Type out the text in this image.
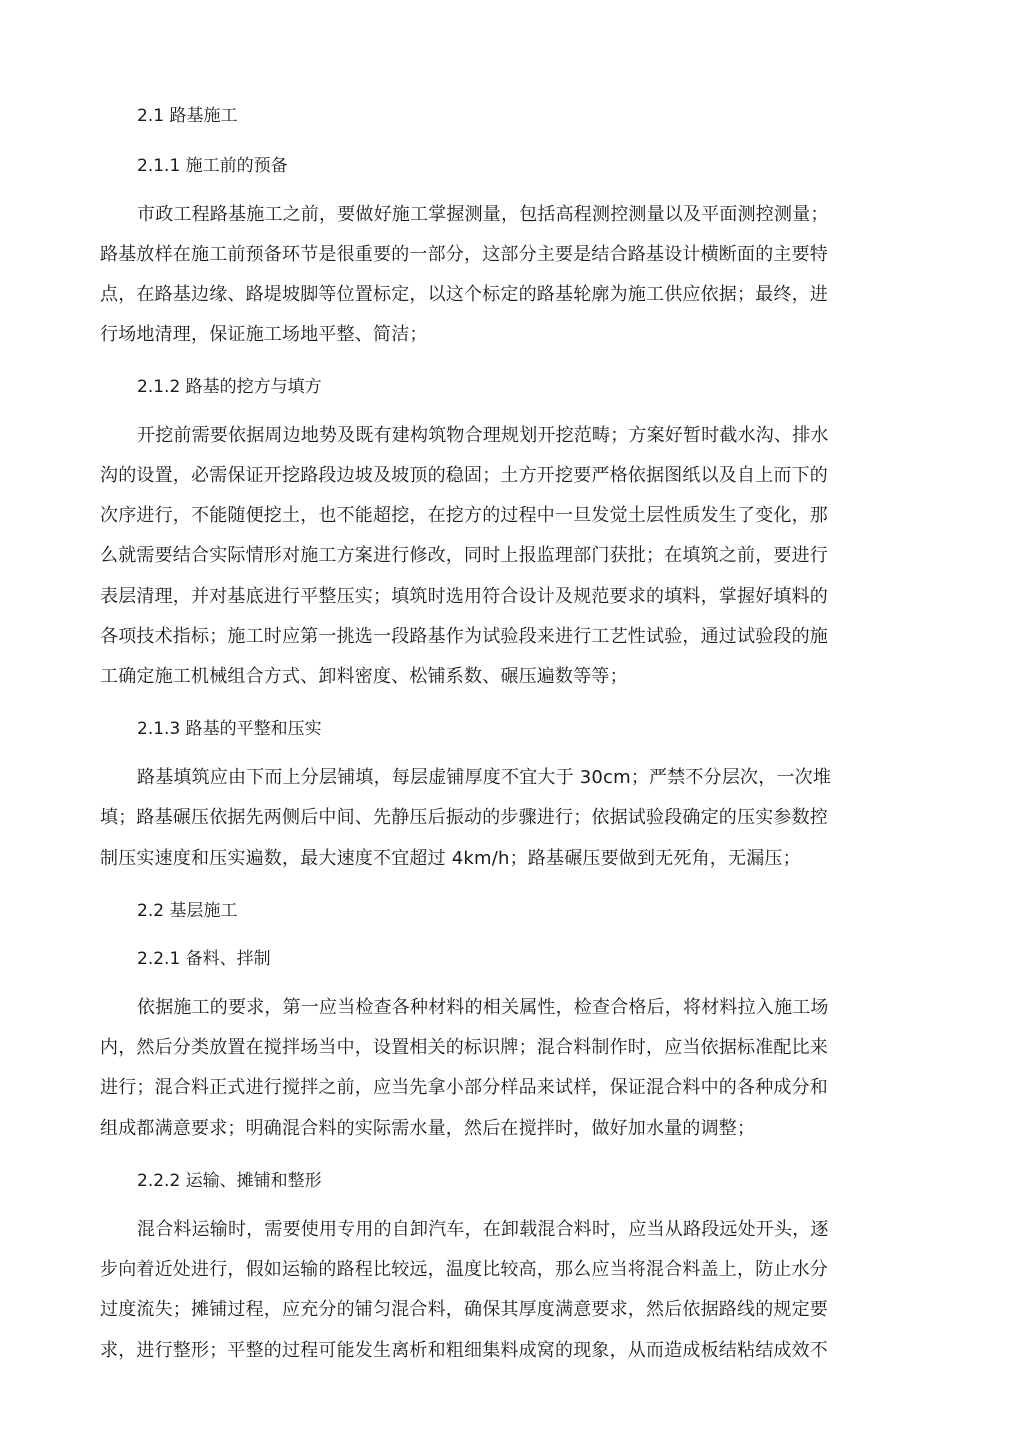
2.1 路基施工
2.1.1 施工前的预备
市政工程路基施工之前，要做好施工掌握测量，包括高程测控测量以及平面测控测量；
路基放样在施工前预备环节是很重要的一部分，这部分主要是结合路基设计横断面的主要特
点，在路基边缘、路堤坡脚等位置标定，以这个标定的路基轮廓为施工供应依据；最终，进
行场地清理，保证施工场地平整、简洁；
2.1.2 路基的挖方与填方
开挖前需要依据周边地势及既有建构筑物合理规划开挖范畴；方案好暂时截水沟、排水
沟的设置，必需保证开挖路段边坡及坡顶的稳固；土方开挖要严格依据图纸以及自上而下的
次序进行，不能随便挖土，也不能超挖，在挖方的过程中一旦发觉土层性质发生了变化，那
么就需要结合实际情形对施工方案进行修改，同时上报监理部门获批；在填筑之前，要进行
表层清理，并对基底进行平整压实；填筑时选用符合设计及规范要求的填料，掌握好填料的
各项技术指标；施工时应第一挑选一段路基作为试验段来进行工艺性试验，通过试验段的施
工确定施工机械组合方式、卸料密度、松铺系数、碾压遍数等等；
2.1.3 路基的平整和压实
路基填筑应由下而上分层铺填，每层虚铺厚度不宜大于 30cm；严禁不分层次，一次堆
填；路基碾压依据先两侧后中间、先静压后振动的步骤进行；依据试验段确定的压实参数控
制压实速度和压实遍数，最大速度不宜超过 4km/h；路基碾压要做到无死角，无漏压；
2.2 基层施工
2.2.1 备料、拌制
依据施工的要求，第一应当检查各种材料的相关属性，检查合格后，将材料拉入施工场
内，然后分类放置在搅拌场当中，设置相关的标识牌；混合料制作时，应当依据标准配比来
进行；混合料正式进行搅拌之前，应当先拿小部分样品来试样，保证混合料中的各种成分和
组成都满意要求；明确混合料的实际需水量，然后在搅拌时，做好加水量的调整；
2.2.2 运输、摊铺和整形
混合料运输时，需要使用专用的自卸汽车，在卸载混合料时，应当从路段远处开头，逐
步向着近处进行，假如运输的路程比较远，温度比较高，那么应当将混合料盖上，防止水分
过度流失；摊铺过程，应充分的铺匀混合料，确保其厚度满意要求，然后依据路线的规定要
求，进行整形；平整的过程可能发生离析和粗细集料成窝的现象，从而造成板结粘结成效不
